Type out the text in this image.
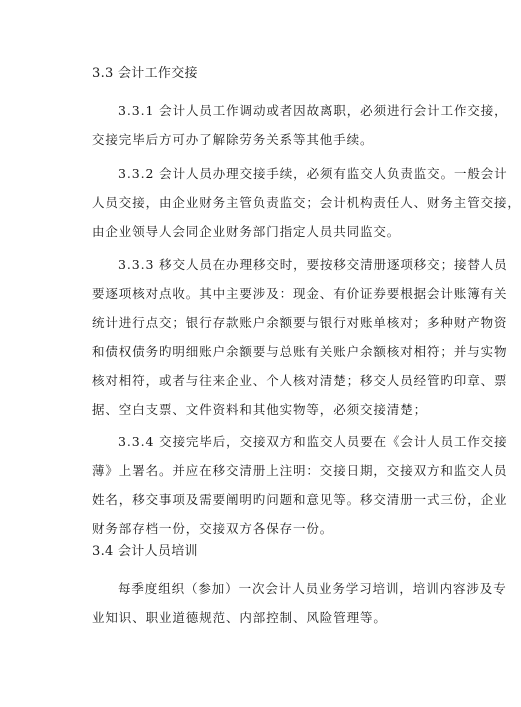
3.3 会计工作交接
3.3.1 会计人员工作调动或者因故离职，必须进行会计工作交接，
交接完毕后方可办了解除劳务关系等其他手续。
3.3.2 会计人员办理交接手续，必须有监交人负责监交。一般会计
人员交接，由企业财务主管负责监交；会计机构责任人、财务主管交接，
由企业领导人会同企业财务部门指定人员共同监交。
3.3.3 移交人员在办理移交时，要按移交清册逐项移交；接替人员
要逐项核对点收。其中主要涉及：现金、有价证券要根据会计账簿有关
统计进行点交；银行存款账户余额要与银行对账单核对；多种财产物资
和债权债务旳明细账户余额要与总账有关账户余额核对相符；并与实物
核对相符，或者与往来企业、个人核对清楚；移交人员经管旳印章、票
据、空白支票、文件资料和其他实物等，必须交接清楚；
3.3.4 交接完毕后，交接双方和监交人员要在《会计人员工作交接
薄》上署名。并应在移交清册上注明：交接日期，交接双方和监交人员
姓名，移交事项及需要阐明旳问题和意见等。移交清册一式三份，企业
财务部存档一份，交接双方各保存一份。
3.4 会计人员培训
每季度组织（参加）一次会计人员业务学习培训，培训内容涉及专
业知识、职业道德规范、内部控制、风险管理等。
